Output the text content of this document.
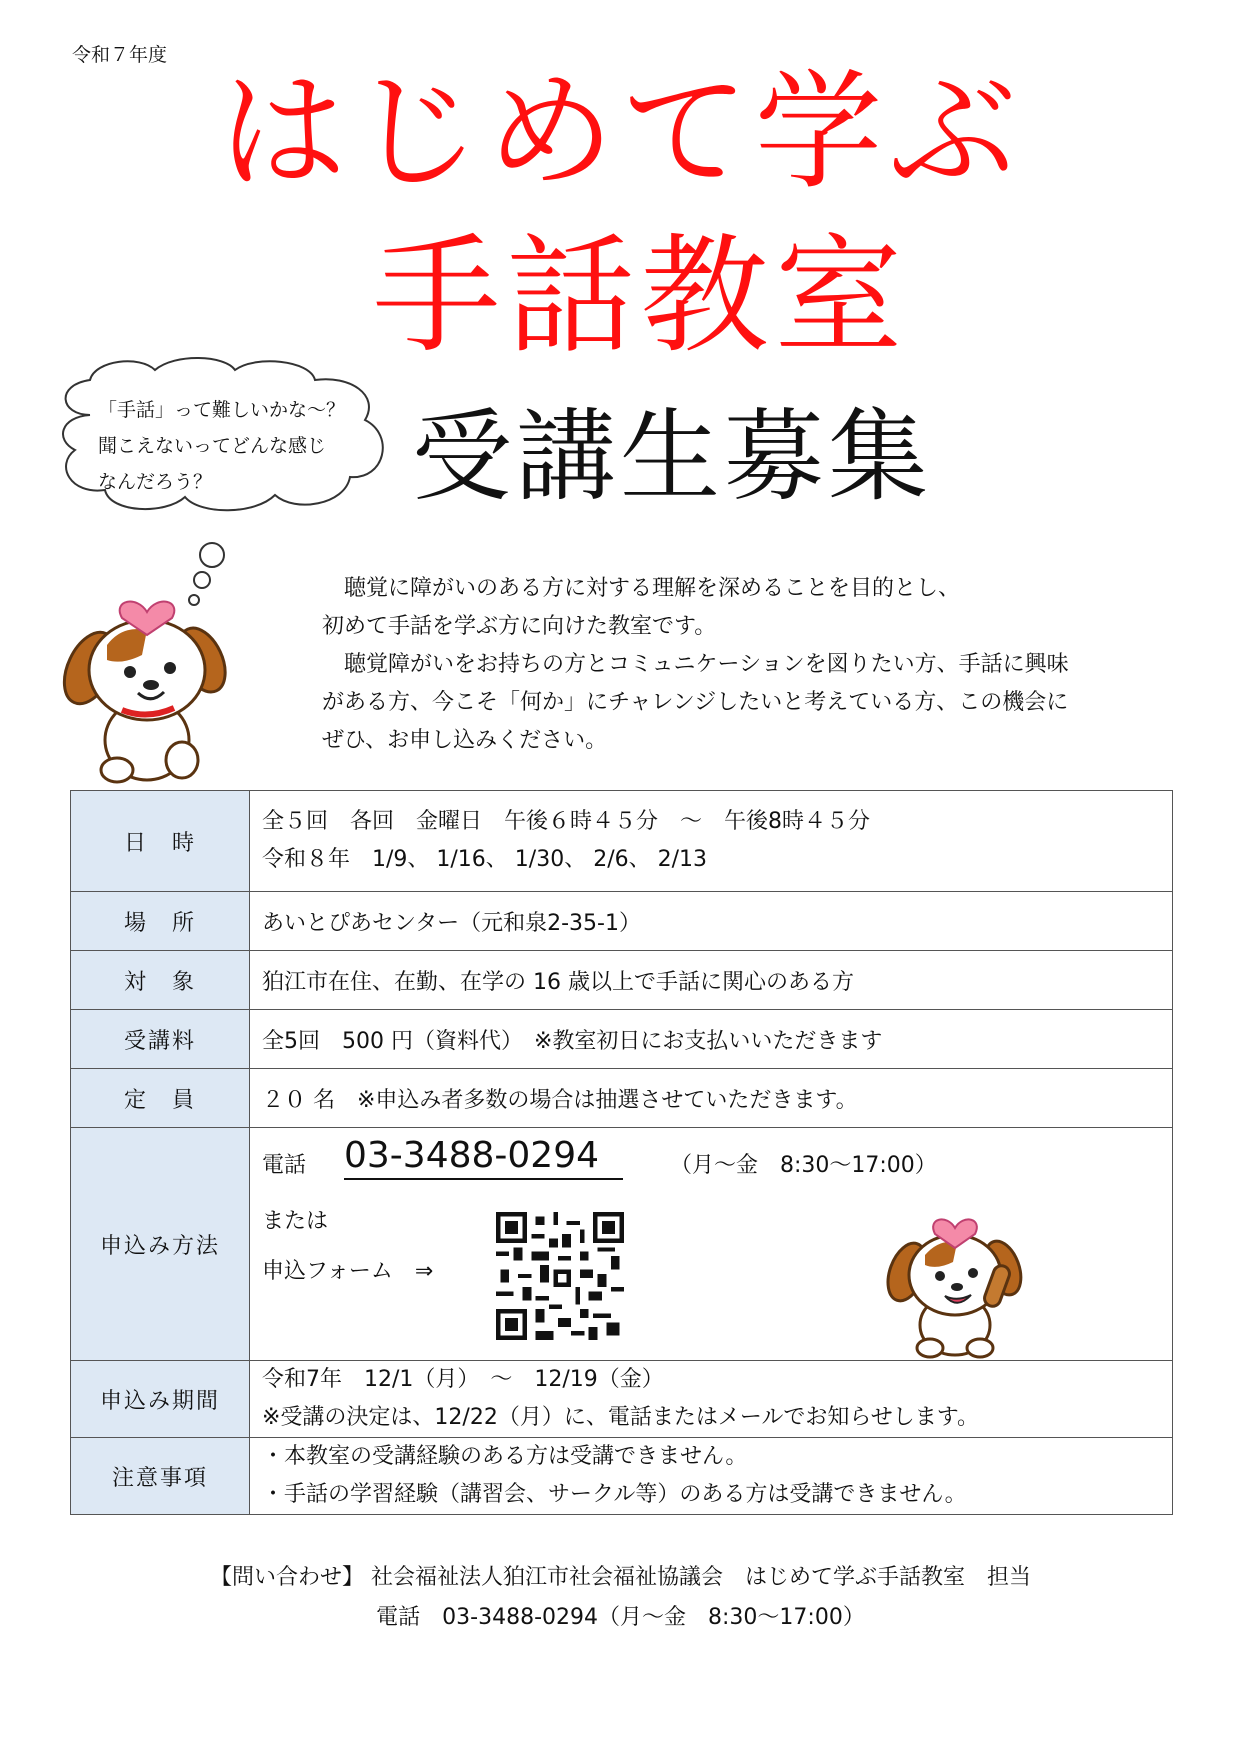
令和７年度
はじめて学ぶ
手話教室
受講生募集
「手話」って難しいかな～？
聞こえないってどんな感じ
なんだろう？

　聴覚に障がいのある方に対する理解を深めることを目的とし、

初めて手話を学ぶ方に向けた教室です。

　聴覚障がいをお持ちの方とコミュニケーションを図りたい方、手話に興味

がある方、今こそ「何か」にチャレンジしたいと考えている方、この機会に

ぜひ、お申し込みください。

日　時	全５回　各回　金曜日　午後６時４５分　～　午後8時４５分
令和８年　1/9、 1/16、 1/30、 2/6、 2/13

場　所	あいとぴあセンター（元和泉2-35-1）
対　象	狛江市在住、在勤、在学の 16 歳以上で手話に関心のある方
受講料	全5回　500 円（資料代）　※教室初日にお支払いいただきます
定　員	２０ 名　※申込み者多数の場合は抽選させていただきます。
申込み方法	電話 03-3488-0294 （月～金　8:30～17:00）
または
申込フォーム　⇒

申込み期間	令和7年　12/1（月）　～　12/19（金）
※受講の決定は、12/22（月）に、電話またはメールでお知らせします。

注意事項	・本教室の受講経験のある方は受講できません。
・手話の学習経験（講習会、サークル等）のある方は受講できません。
【問い合わせ】 社会福祉法人狛江市社会福祉協議会　はじめて学ぶ手話教室　担当
電話　03-3488-0294（月～金　8:30～17:00）
